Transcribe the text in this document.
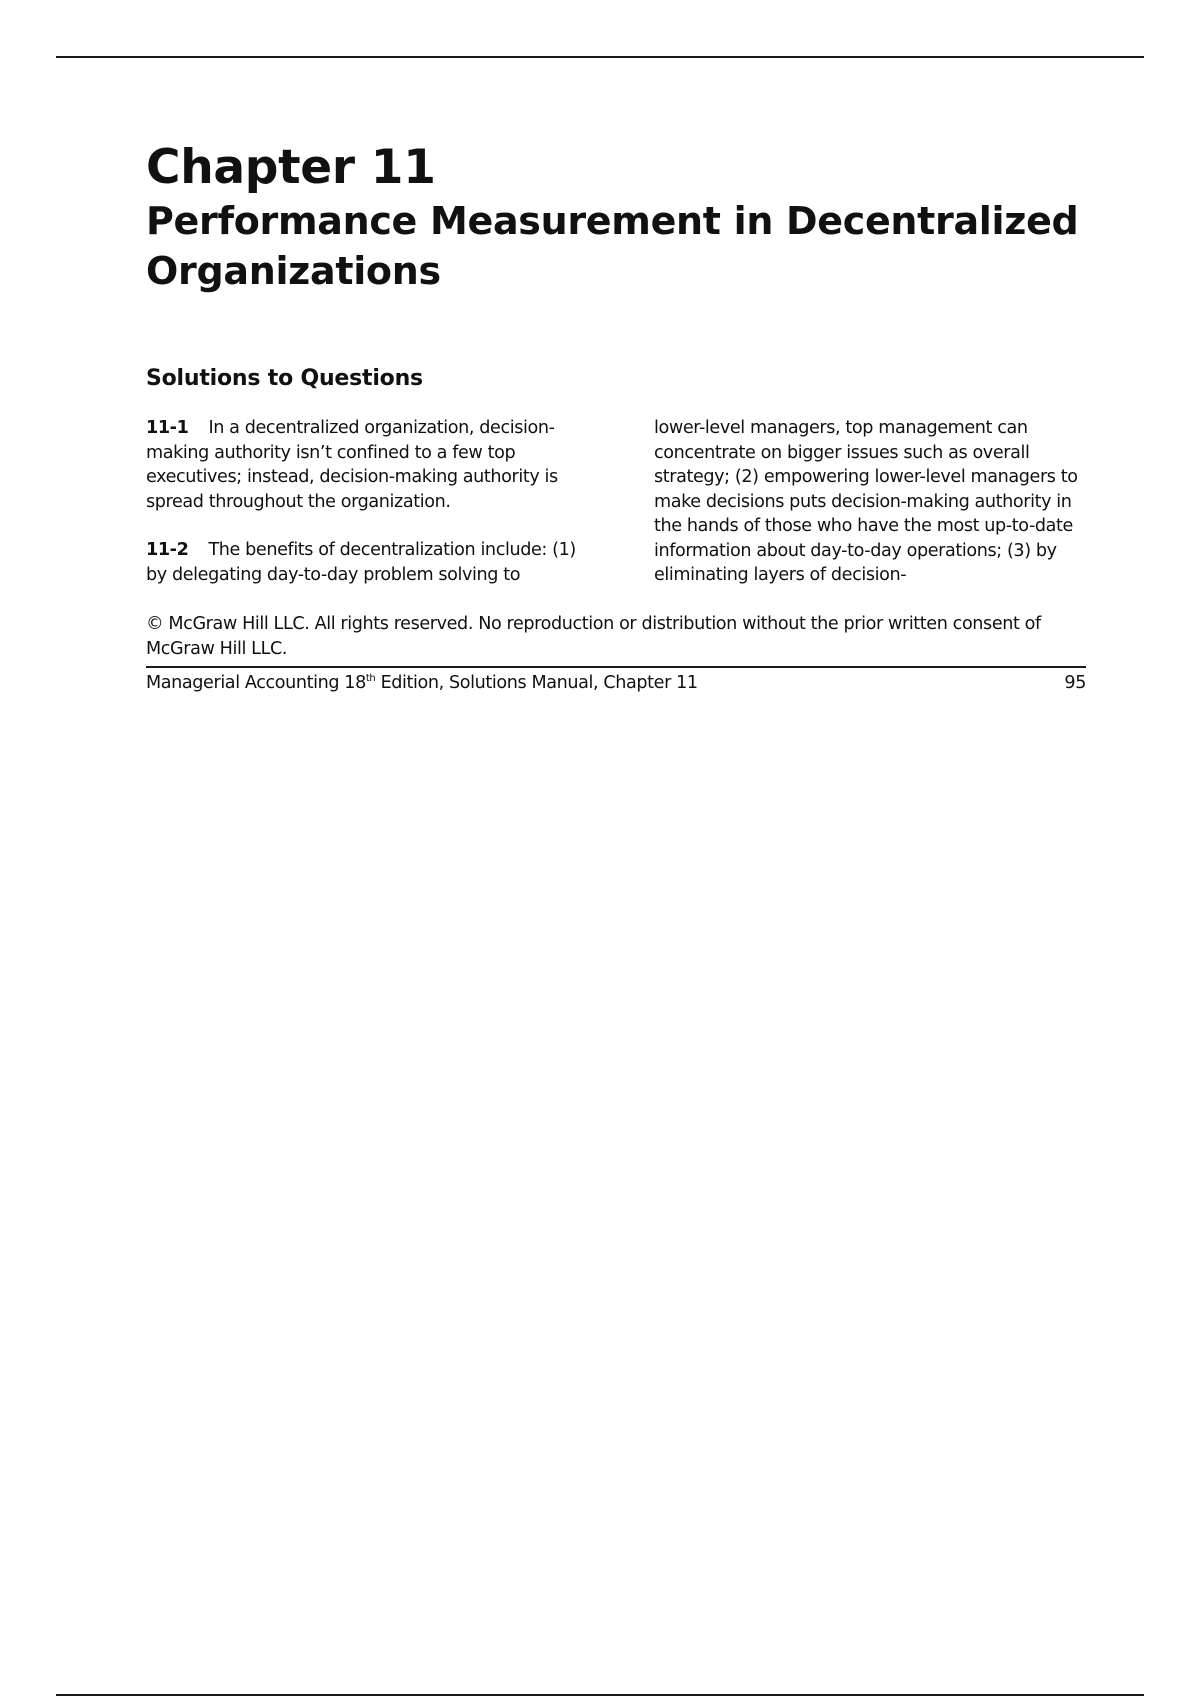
Chapter 11
Performance Measurement in Decentralized
Organizations
Solutions to Questions

11-1 In a decentralized organization, decision-making authority isn’t confined to a few top executives; instead, decision-making authority is spread throughout the organization.

11-2 The benefits of decentralization include: (1) by delegating day-to-day problem solving to

lower-level managers, top management can concentrate on bigger issues such as overall strategy; (2) empowering lower-level managers to make decisions puts decision-making authority in the hands of those who have the most up-to-date information about day-to-day operations; (3) by eliminating layers of decision-

© McGraw Hill LLC. All rights reserved. No reproduction or distribution without the prior written consent of McGraw Hill LLC.

Managerial Accounting 18th Edition, Solutions Manual, Chapter 11	95
